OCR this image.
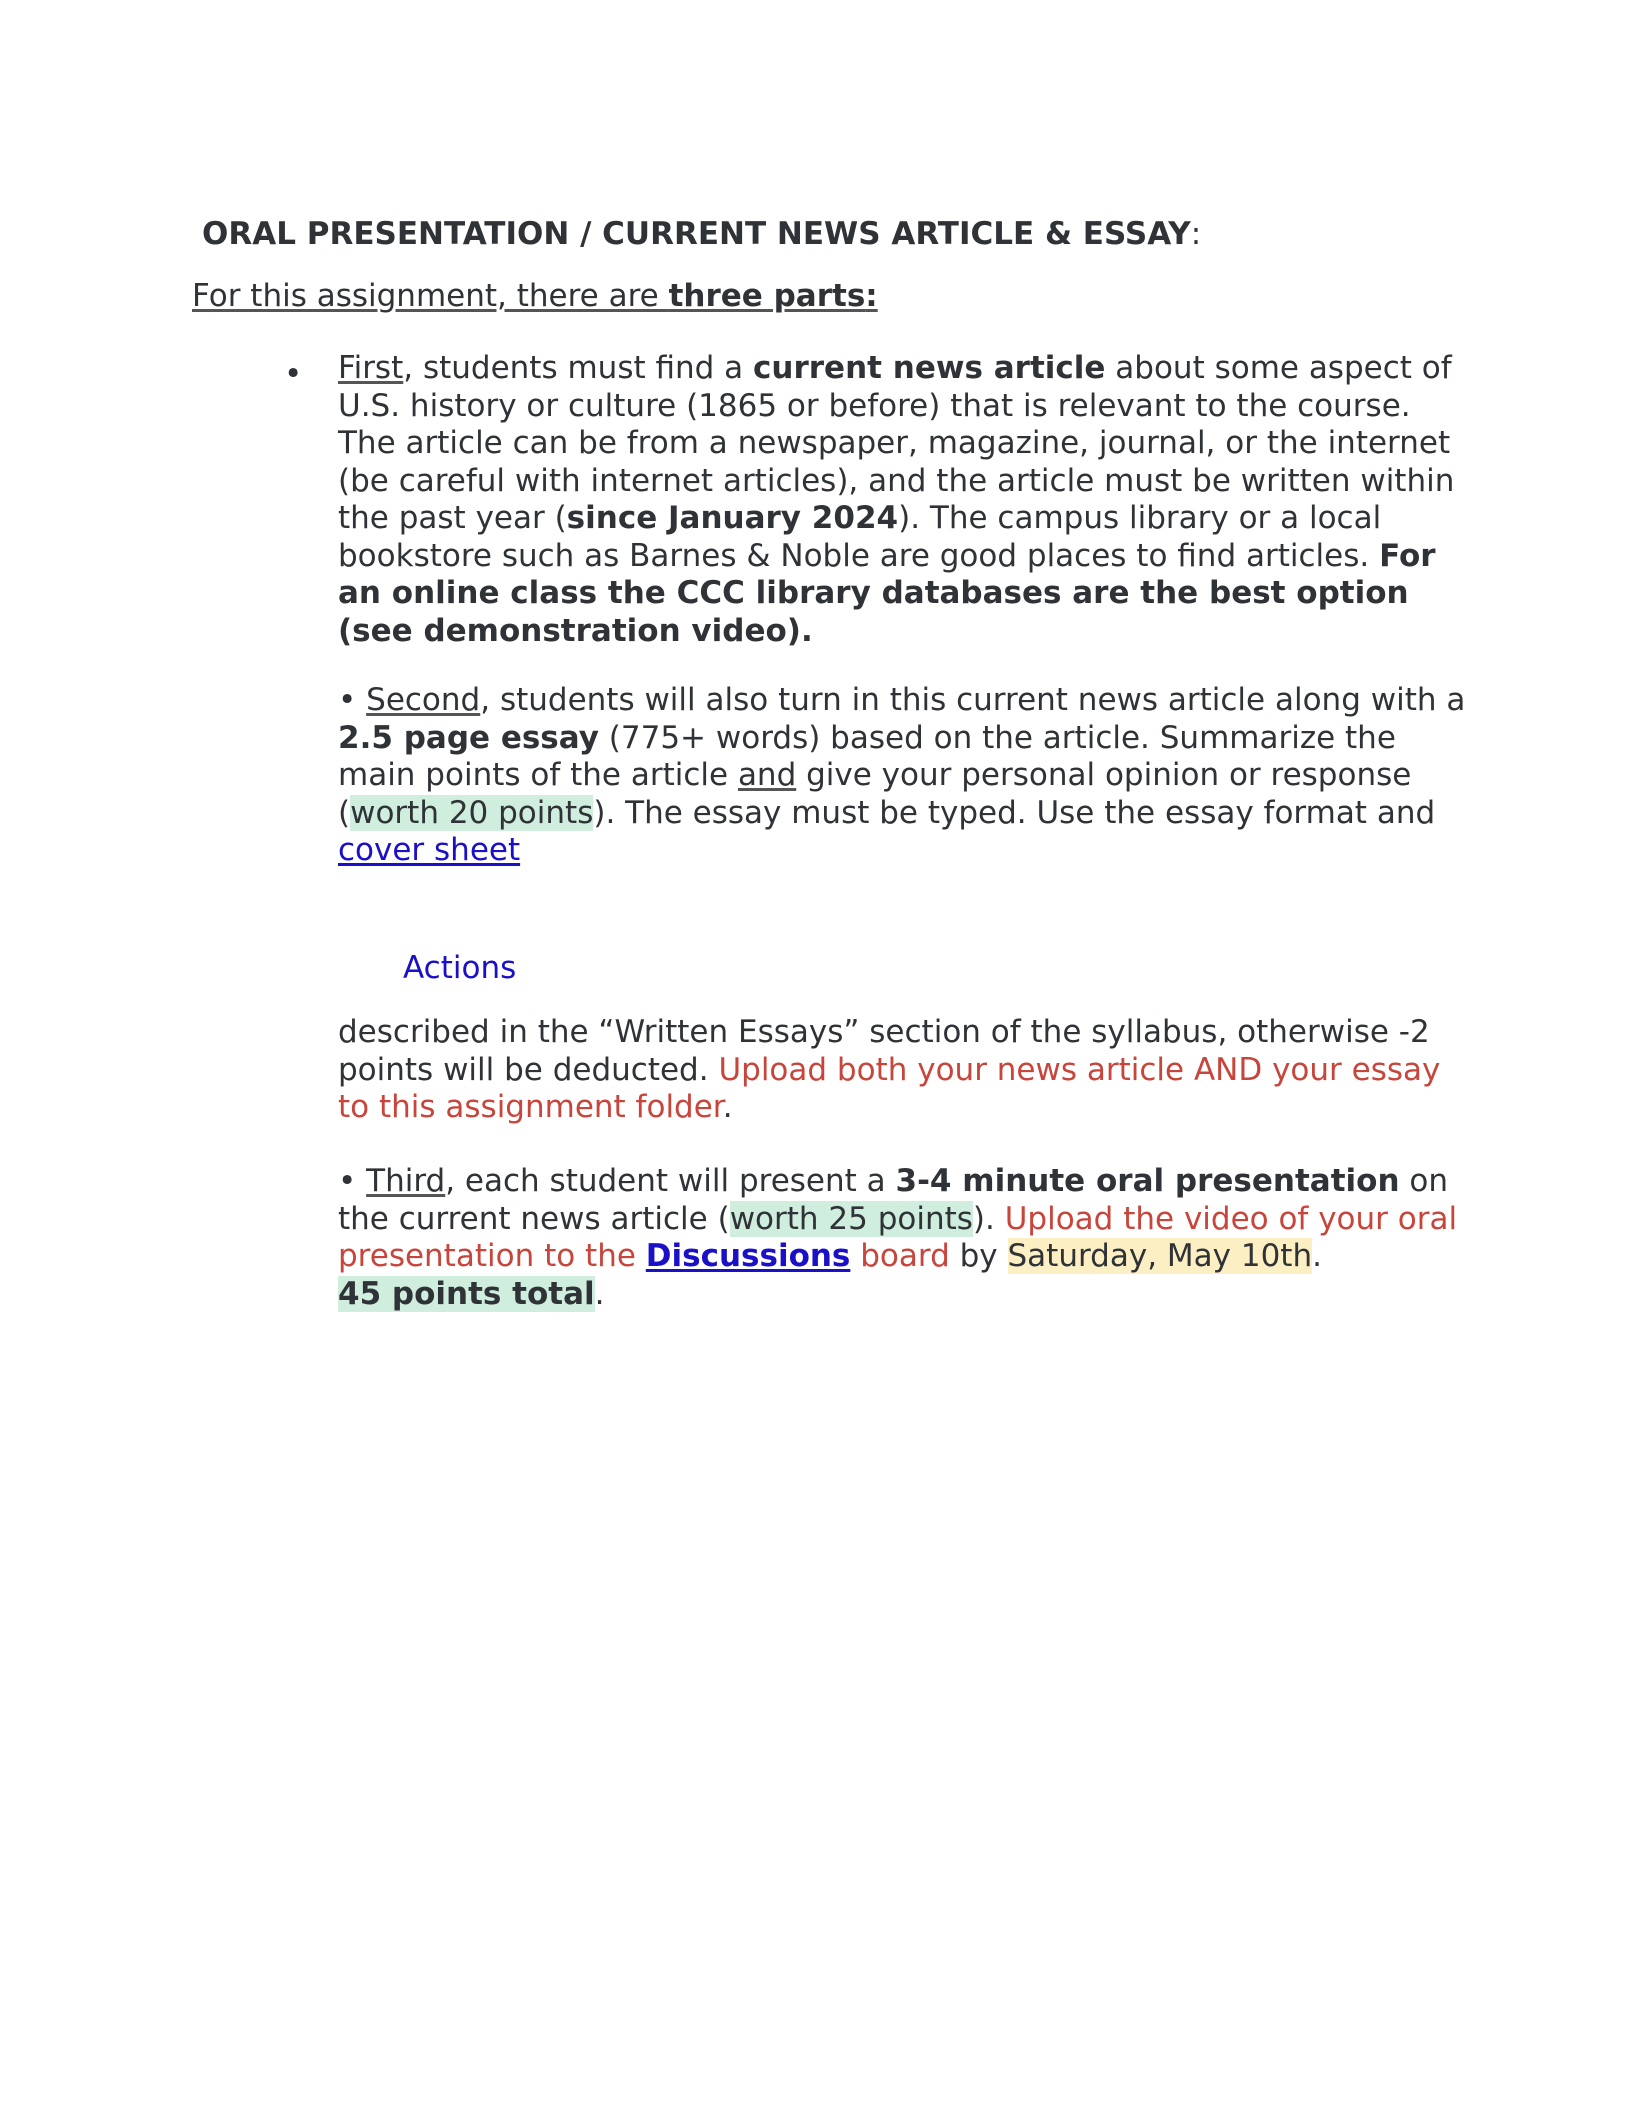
ORAL PRESENTATION / CURRENT NEWS ARTICLE & ESSAY:
For this assignment, there are three parts:
• First, students must find a current news article about some aspect of U.S. history or culture (1865 or before) that is relevant to the course. The article can be from a newspaper, magazine, journal, or the internet (be careful with internet articles), and the article must be written within the past year (since January 2024). The campus library or a local bookstore such as Barnes & Noble are good places to find articles. For an online class the CCC library databases are the best option (see demonstration video).
• Second, students will also turn in this current news article along with a 2.5 page essay (775+ words) based on the article. Summarize the main points of the article and give your personal opinion or response (worth 20 points). The essay must be typed. Use the essay format and cover sheet
Actions
described in the “Written Essays” section of the syllabus, otherwise -2 points will be deducted. Upload both your news article AND your essay to this assignment folder.
• Third, each student will present a 3-4 minute oral presentation on the current news article (worth 25 points). Upload the video of your oral presentation to the Discussions board by Saturday, May 10th.
45 points total.
